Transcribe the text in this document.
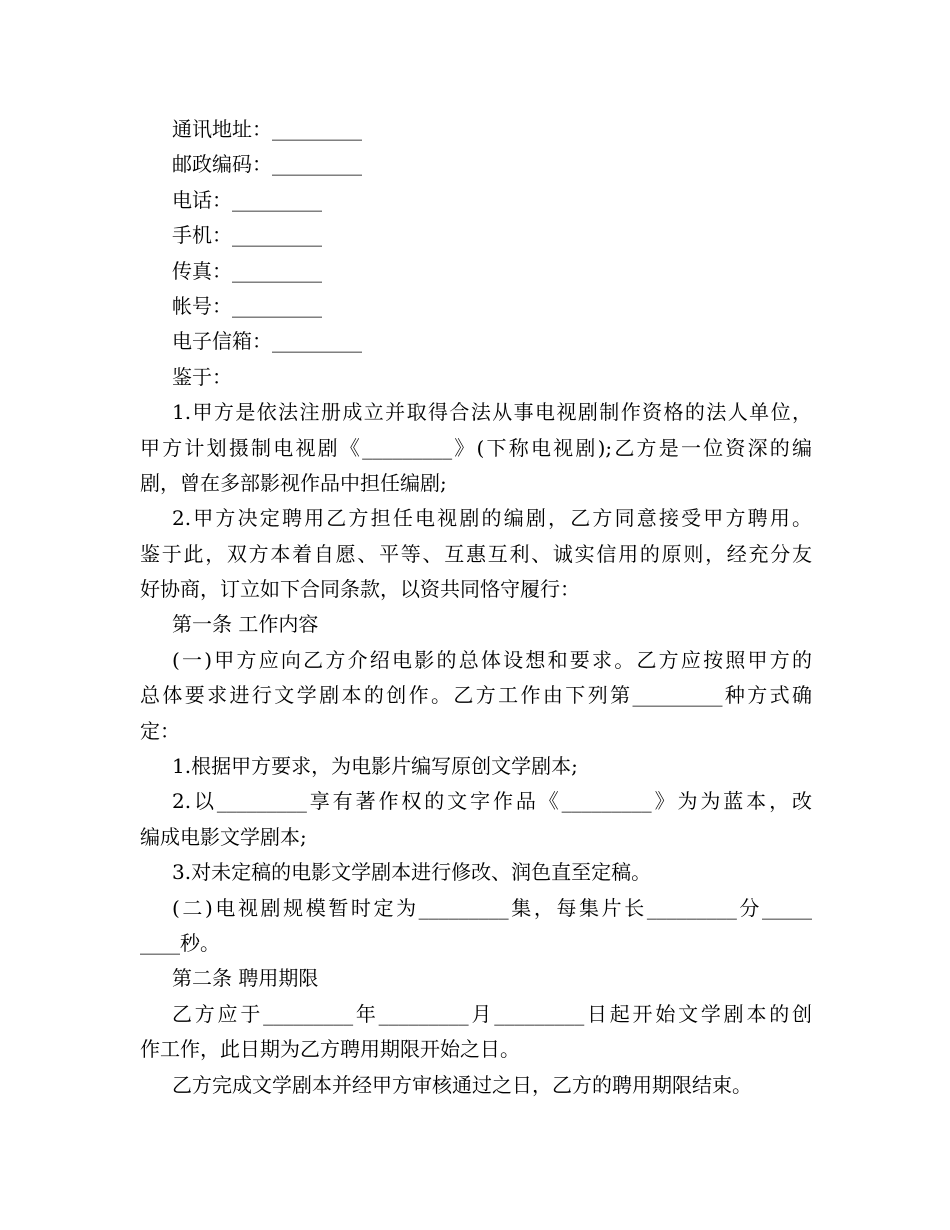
通讯地址：_________
邮政编码：_________
电话：_________
手机：_________
传真：_________
帐号：_________
电子信箱：_________
鉴于：
1.甲方是依法注册成立并取得合法从事电视剧制作资格的法人单位，
甲方计划摄制电视剧《_________》(下称电视剧);乙方是一位资深的编
剧，曾在多部影视作品中担任编剧;
2.甲方决定聘用乙方担任电视剧的编剧，乙方同意接受甲方聘用。
鉴于此，双方本着自愿、平等、互惠互利、诚实信用的原则，经充分友
好协商，订立如下合同条款，以资共同恪守履行：
第一条 工作内容
(一)甲方应向乙方介绍电影的总体设想和要求。乙方应按照甲方的
总体要求进行文学剧本的创作。乙方工作由下列第_________种方式确
定：
1.根据甲方要求，为电影片编写原创文学剧本;
2.以_________享有著作权的文字作品《_________》为为蓝本，改
编成电影文学剧本;
3.对未定稿的电影文学剧本进行修改、润色直至定稿。
(二)电视剧规模暂时定为_________集，每集片长_________分_____
____秒。
第二条 聘用期限
乙方应于_________年_________月_________日起开始文学剧本的创
作工作，此日期为乙方聘用期限开始之日。
乙方完成文学剧本并经甲方审核通过之日，乙方的聘用期限结束。
